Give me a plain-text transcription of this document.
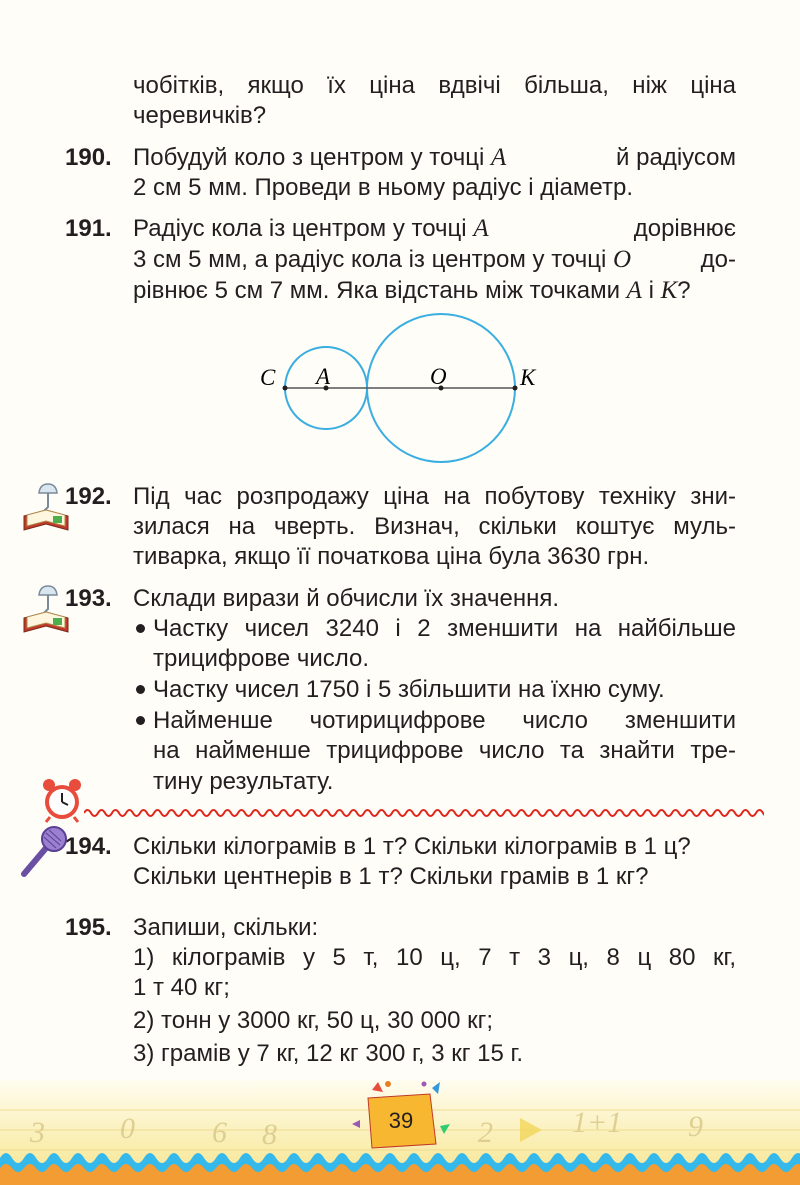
чобітків, якщо їх ціна вдвічі більша, ніж ціна
черевичків?
190. Побудуй коло з центром у точці A	й радіусом
2 см 5 мм. Проведи в ньому радіус і діаметр.
191. Радіус кола із центром у точці A	дорівнює
3 см 5 мм, а радіус кола із центром у точці O	до-
рівнює 5 см 7 мм. Яка відстань між точками A і K?
C A	O	K
192. Під час розпродажу ціна на побутову техніку зни-
зилася на чверть. Визнач, скільки коштує муль-
тиварка, якщо її початкова ціна була 3630 грн.
193. Склади вирази й обчисли їх значення.
Частку чисел 3240 і 2 зменшити на найбільше
трицифрове число.
Частку чисел 1750 і 5 збільшити на їхню суму.
Найменше чотирицифрове число зменшити
на найменше трицифрове число та знайти тре-
тину результату.
194. Скільки кілограмів в 1 т? Скільки кілограмів в 1 ц?
Скільки центнерів в 1 т? Скільки грамів в 1 кг?
195. Запиши, скільки:
1) кілограмів у 5 т, 10 ц, 7 т 3 ц, 8 ц 80 кг,
1 т 40 кг;
2) тонн у 3000 кг, 50 ц, 30 000 кг;
3) грамів у 7 кг, 12 кг 300 г, 3 кг 15 г.
3	0	6 8	2	1+1 9
39
